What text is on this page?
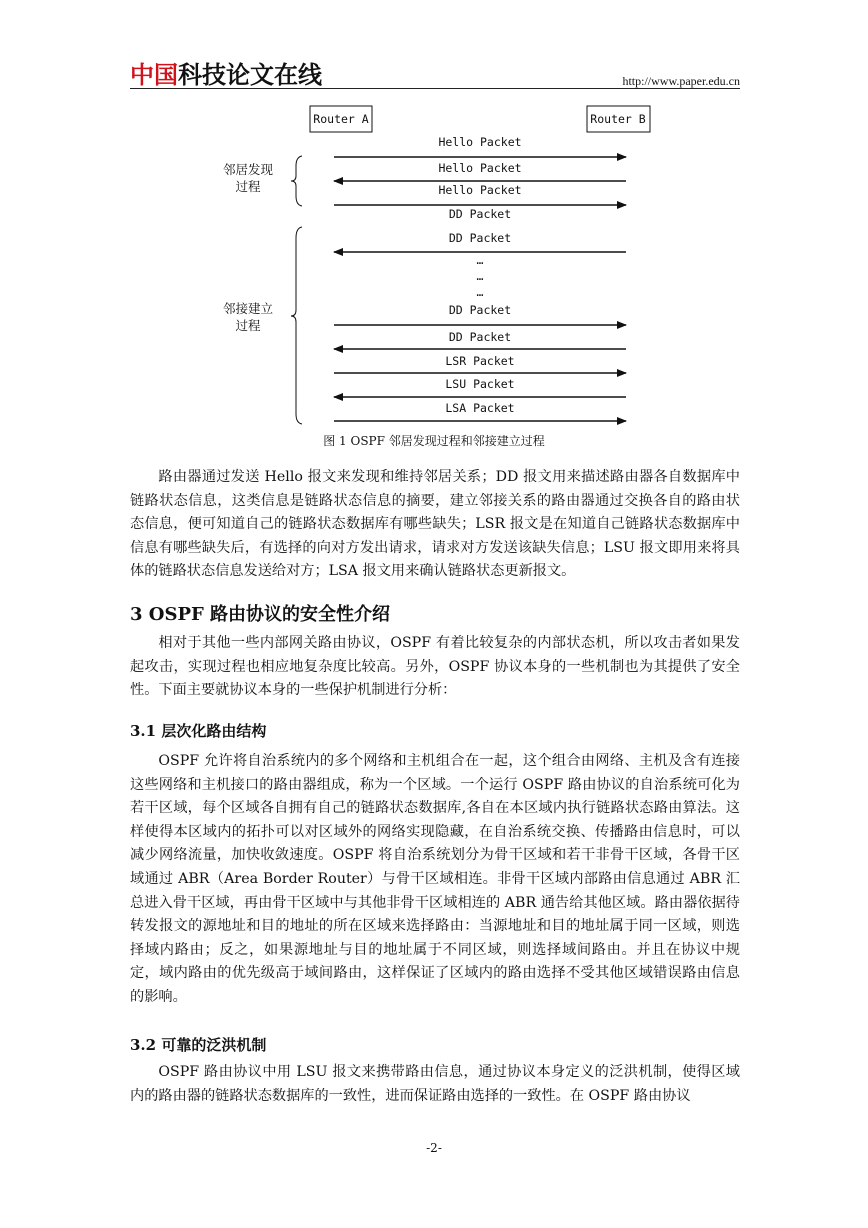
中国科技论文在线	http://www.paper.edu.cn
Router A	Router B
邻居发现
过程
邻接建立
过程
Hello Packet
Hello Packet
Hello Packet
DD Packet
…
…
…
DD Packet
DD Packet
LSR Packet
LSU Packet
LSA Packet
DD Packet
图 1 OSPF 邻居发现过程和邻接建立过程

路由器通过发送 Hello 报文来发现和维持邻居关系；DD 报文用来描述路由器各自数据库中链路状态信息，这类信息是链路状态信息的摘要，建立邻接关系的路由器通过交换各自的路由状态信息，便可知道自己的链路状态数据库有哪些缺失；LSR 报文是在知道自己链路状态数据库中信息有哪些缺失后，有选择的向对方发出请求，请求对方发送该缺失信息；LSU 报文即用来将具体的链路状态信息发送给对方；LSA 报文用来确认链路状态更新报文。

3 OSPF 路由协议的安全性介绍

相对于其他一些内部网关路由协议，OSPF 有着比较复杂的内部状态机，所以攻击者如果发起攻击，实现过程也相应地复杂度比较高。另外，OSPF 协议本身的一些机制也为其提供了安全性。下面主要就协议本身的一些保护机制进行分析：

3.1 层次化路由结构

OSPF 允许将自治系统内的多个网络和主机组合在一起，这个组合由网络、主机及含有连接这些网络和主机接口的路由器组成，称为一个区域。一个运行 OSPF 路由协议的自治系统可化为若干区域，每个区域各自拥有自己的链路状态数据库,各自在本区域内执行链路状态路由算法。这样使得本区域内的拓扑可以对区域外的网络实现隐藏，在自治系统交换、传播路由信息时，可以减少网络流量，加快收敛速度。OSPF 将自治系统划分为骨干区域和若干非骨干区域，各骨干区域通过 ABR（Area Border Router）与骨干区域相连。非骨干区域内部路由信息通过 ABR 汇总进入骨干区域，再由骨干区域中与其他非骨干区域相连的 ABR 通告给其他区域。路由器依据待转发报文的源地址和目的地址的所在区域来选择路由：当源地址和目的地址属于同一区域，则选择域内路由；反之，如果源地址与目的地址属于不同区域，则选择域间路由。并且在协议中规定，域内路由的优先级高于域间路由，这样保证了区域内的路由选择不受其他区域错误路由信息的影响。

3.2 可靠的泛洪机制

OSPF 路由协议中用 LSU 报文来携带路由信息，通过协议本身定义的泛洪机制，使得区域内的路由器的链路状态数据库的一致性，进而保证路由选择的一致性。在 OSPF 路由协议

-2-
